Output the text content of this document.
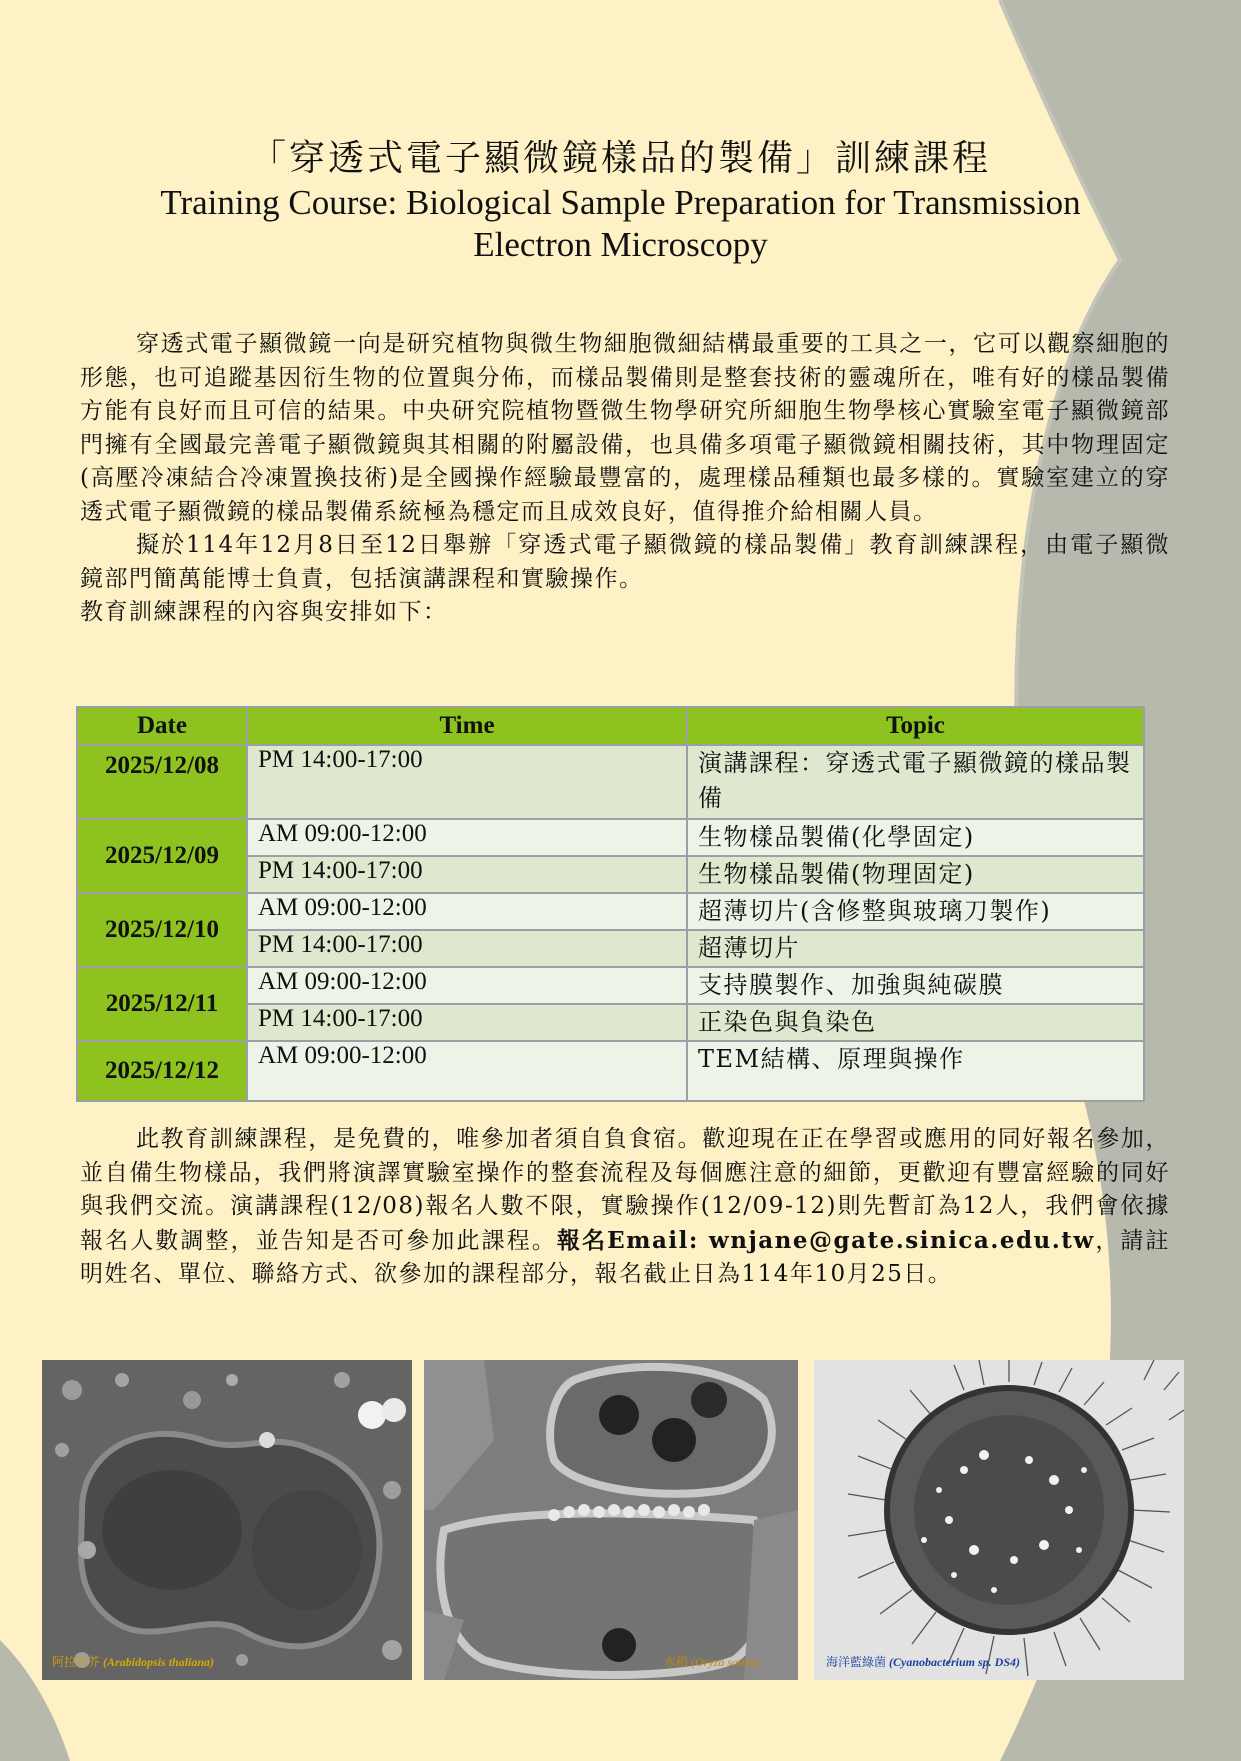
「穿透式電子顯微鏡樣品的製備」訓練課程
Training Course: Biological Sample Preparation for Transmission
Electron Microscopy

穿透式電子顯微鏡一向是研究植物與微生物細胞微細結構最重要的工具之一，它可以觀察細胞的形態，也可追蹤基因衍生物的位置與分佈，而樣品製備則是整套技術的靈魂所在，唯有好的樣品製備方能有良好而且可信的結果。中央研究院植物暨微生物學研究所細胞生物學核心實驗室電子顯微鏡部門擁有全國最完善電子顯微鏡與其相關的附屬設備，也具備多項電子顯微鏡相關技術，其中物理固定(高壓冷凍結合冷凍置換技術)是全國操作經驗最豐富的，處理樣品種類也最多樣的。實驗室建立的穿透式電子顯微鏡的樣品製備系統極為穩定而且成效良好，值得推介給相關人員。

擬於114年12月8日至12日舉辦「穿透式電子顯微鏡的樣品製備」教育訓練課程，由電子顯微鏡部門簡萬能博士負責，包括演講課程和實驗操作。

教育訓練課程的內容與安排如下：

Date	Time	Topic
2025/12/08	PM 14:00-17:00	演講課程：穿透式電子顯微鏡的樣品製備
2025/12/09	AM 09:00-12:00	生物樣品製備(化學固定)
	PM 14:00-17:00	生物樣品製備(物理固定)
2025/12/10	AM 09:00-12:00	超薄切片(含修整與玻璃刀製作)
	PM 14:00-17:00	超薄切片
2025/12/11	AM 09:00-12:00	支持膜製作、加強與純碳膜
	PM 14:00-17:00	正染色與負染色
2025/12/12	AM 09:00-12:00	TEM結構、原理與操作

此教育訓練課程，是免費的，唯參加者須自負食宿。歡迎現在正在學習或應用的同好報名參加，並自備生物樣品，我們將演譯實驗室操作的整套流程及每個應注意的細節，更歡迎有豐富經驗的同好與我們交流。演講課程(12/08)報名人數不限，實驗操作(12/09-12)則先暫訂為12人，我們會依據報名人數調整，並告知是否可參加此課程。報名Email: wnjane@gate.sinica.edu.tw，請註明姓名、單位、聯絡方式、欲參加的課程部分，報名截止日為114年10月25日。

阿拉伯芥 (Arabidopsis thaliana)	水稻 (Oryza sativa)	海洋藍綠菌 (Cyanobacterium sp. DS4)
